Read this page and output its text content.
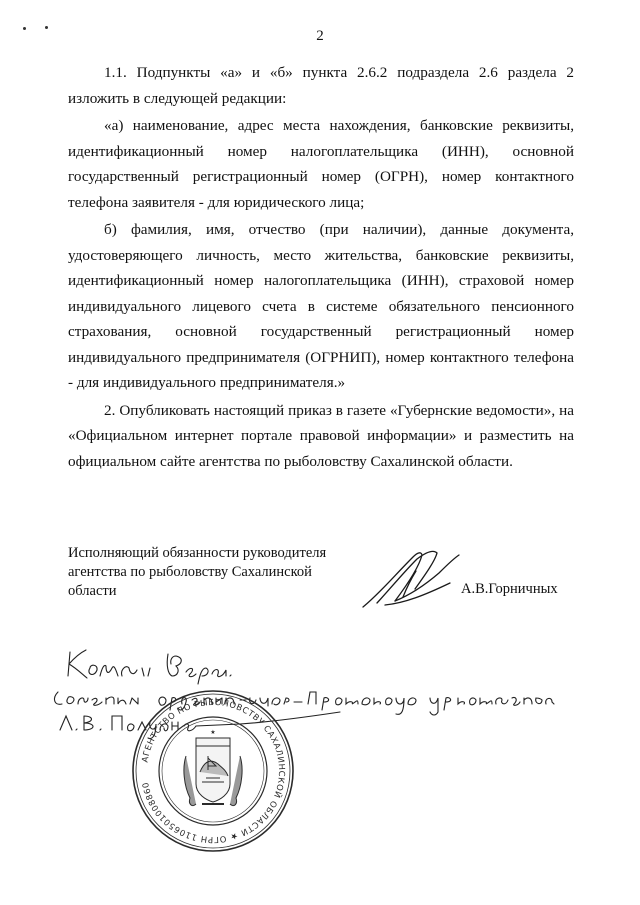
2

1.1. Подпункты «а» и «б» пункта 2.6.2 подраздела 2.6 раздела 2 изложить в следующей редакции:

«а) наименование, адрес места нахождения, банковские реквизиты, идентификационный номер налогоплательщика (ИНН), основной государственный регистрационный номер (ОГРН), номер контактного телефона заявителя - для юридического лица;

б) фамилия, имя, отчество (при наличии), данные документа, удостоверяющего личность, место жительства, банковские реквизиты, идентификационный номер налогоплательщика (ИНН), страховой номер индивидуального лицевого счета в системе обязательного пенсионного страхования, основной государственный регистрационный номер индивидуального предпринимателя (ОГРНИП), номер контактного телефона - для индивидуального предпринимателя.»

2. Опубликовать настоящий приказ в газете «Губернские ведомости», на «Официальном интернет портале правовой информации» и разместить на официальном сайте агентства по рыболовству Сахалинской области.

Исполняющий обязанности руководителя
агентства по рыболовству Сахалинской
области	А.В.Горничных
АГЕНТСТВО ПО РЫБОЛОВСТВУ САХАЛИНСКОЙ ОБЛАСТИ ★ ОГРН 1106501008860
★
